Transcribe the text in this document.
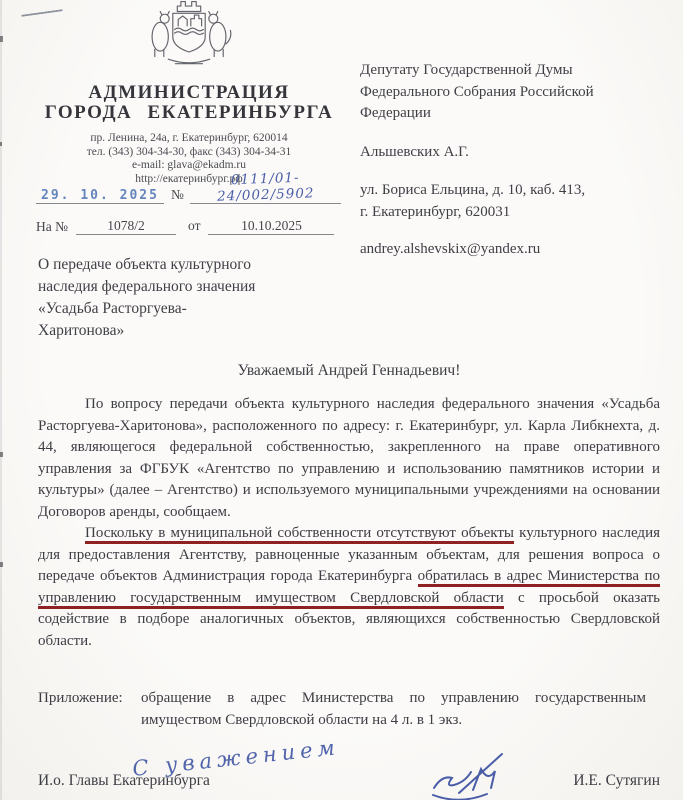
АДМИНИСТРАЦИЯ
ГОРОДА ЕКАТЕРИНБУРГА
пр. Ленина, 24а, г. Екатеринбург, 620014
тел. (343) 304-34-30, факс (343) 304-34-31
e-mail: glava@ekadm.ru
http://екатеринбург.рф
29. 10. 2025 №
0111/01-24/002/5902
На №	1078/2	от	10.10.2025
Депутату Государственной Думы
Федерального Собрания Российской
Федерации
Альшевских А.Г.
ул. Бориса Ельцина, д. 10, каб. 413,
г. Екатеринбург, 620031
andrey.alshevskix@yandex.ru
О передаче объекта культурного наследия федерального значения «Усадьба Расторгуева-Харитонова»
Уважаемый Андрей Геннадьевич!

По вопросу передачи объекта культурного наследия федерального значения «Усадьба Расторгуева-Харитонова», расположенного по адресу: г. Екатеринбург, ул. Карла Либкнехта, д. 44, являющегося федеральной собственностью, закрепленного на праве оперативного управления за ФГБУК «Агентство по управлению и использованию памятников истории и культуры» (далее – Агентство) и используемого муниципальными учреждениями на основании Договоров аренды, сообщаем.

Поскольку в муниципальной собственности отсутствуют объекты культурного наследия для предоставления Агентству, равноценные указанным объектам, для решения вопроса о передаче объектов Администрация города Екатеринбурга обратилась в адрес Министерства по управлению государственным имуществом Свердловской области с просьбой оказать содействие в подборе аналогичных объектов, являющихся собственностью Свердловской области.

Приложение:	обращение в адрес Министерства по управлению государственным имуществом Свердловской области на 4 л. в 1 экз.
С уважением
И.о. Главы Екатеринбурга	И.Е. Сутягин
